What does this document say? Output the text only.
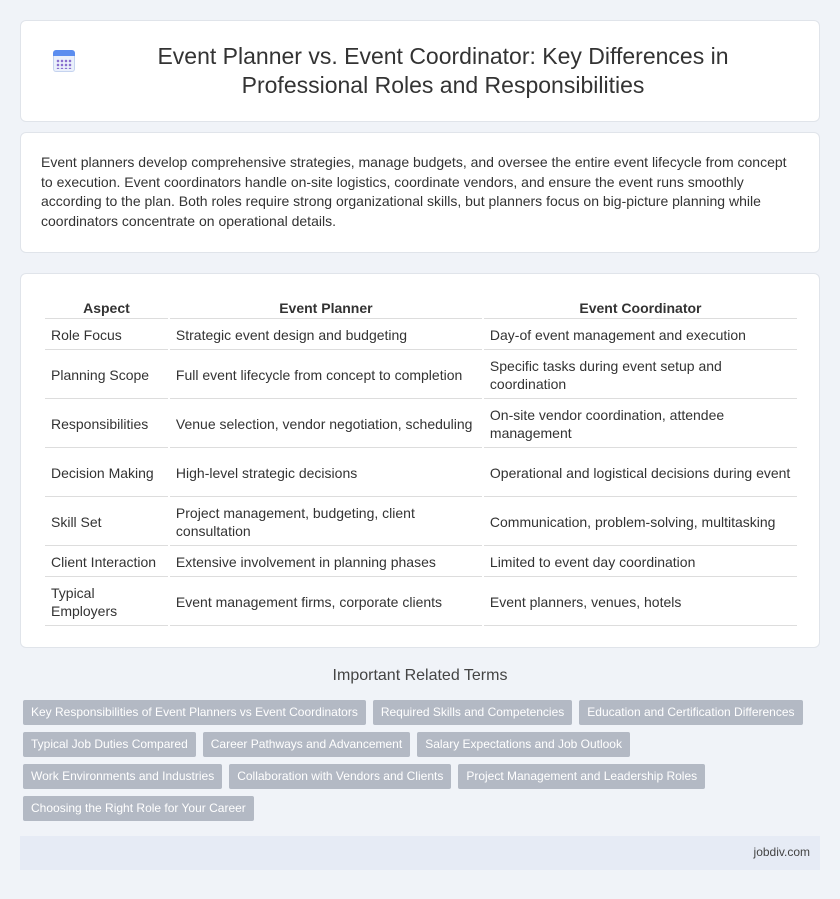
Event Planner vs. Event Coordinator: Key Differences in Professional Roles and Responsibilities

Event planners develop comprehensive strategies, manage budgets, and oversee the entire event lifecycle from concept to execution. Event coordinators handle on-site logistics, coordinate vendors, and ensure the event runs smoothly according to the plan. Both roles require strong organizational skills, but planners focus on big-picture planning while coordinators concentrate on operational details.

Aspect	Event Planner	Event Coordinator
Role Focus	Strategic event design and budgeting	Day-of event management and execution
Planning Scope	Full event lifecycle from concept to completion	Specific tasks during event setup and coordination
Responsibilities	Venue selection, vendor negotiation, scheduling	On-site vendor coordination, attendee management
Decision Making	High-level strategic decisions	Operational and logistical decisions during event
Skill Set	Project management, budgeting, client consultation	Communication, problem-solving, multitasking
Client Interaction	Extensive involvement in planning phases	Limited to event day coordination
Typical Employers	Event management firms, corporate clients	Event planners, venues, hotels
Important Related Terms
Key Responsibilities of Event Planners vs Event Coordinators	Required Skills and Competencies	Education and Certification Differences
Typical Job Duties Compared	Career Pathways and Advancement	Salary Expectations and Job Outlook
Work Environments and Industries	Collaboration with Vendors and Clients	Project Management and Leadership Roles
Choosing the Right Role for Your Career
jobdiv.com
